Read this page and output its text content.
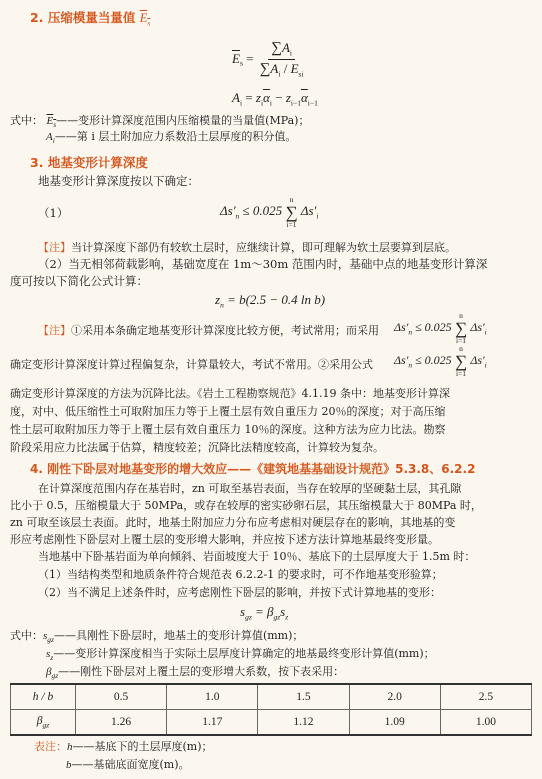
2. 压缩模量当量值 $E_s$
$\overline{E}_s = \frac{\sum A_i}{\sum A_i / E_{si}}$
$A_i = z_i\overline{\alpha}_i - z_{i-1}\overline{\alpha}_{i-1}$
式中： $E_s——$变形计算深度范围内压缩模量的当量值(MPa)；
$A_i——$第 i 层土附加应力系数沿土层厚度的积分值。
3. 地基变形计算深度
地基变形计算深度按以下确定：
（1）	$\Delta s'_n \le 0.025$
n
∑
i=1
$\Delta s'_i$
【注】当计算深度下部仍有较软土层时，应继续计算，即可理解为软土层要算到层底。
（2）当无相邻荷载影响，基础宽度在 1m～30m 范围内时，基础中点的地基变形计算深
度可按以下简化公式计算：
$z_n = b(2.5 - 0.4$ ln b)
【注】①采用本条确定地基变形计算深度比较方便，考试常用；而采用 $\Delta s'_n \le 0.025$
n
∑
i=1
$\Delta s'_i$
确定变形计算深度计算过程偏复杂，计算量较大，考试不常用。②采用公式 $\Delta s'_n \le 0.025$
n
∑
i=1
$\Delta s'_i$
确定变形计算深度的方法为沉降比法。《岩土工程勘察规范》4.1.19 条中：地基变形计算深
度，对中、低压缩性土可取附加压力等于上覆土层有效自重压力 20％的深度；对于高压缩
性土层可取附加压力等于上覆土层有效自重压力 10％的深度。这种方法为应力比法。勘察
阶段采用应力比法属于估算，精度较差；沉降比法精度较高，计算较为复杂。
4. 刚性下卧层对地基变形的增大效应——《建筑地基基础设计规范》5.3.8、6.2.2
在计算深度范围内存在基岩时，zn 可取至基岩表面，当存在较厚的坚硬黏土层，其孔隙
比小于 0.5，压缩模量大于 50MPa，或存在较厚的密实砂卵石层，其压缩模量大于 80MPa 时，
zn 可取至该层土表面。此时，地基土附加应力分布应考虑相对硬层存在的影响，其地基的变
形应考虑刚性下卧层对上覆土层的变形增大影响，并应按下述方法计算地基最终变形量。
当地基中下卧基岩面为单向倾斜、岩面坡度大于 10％、基底下的土层厚度大于 1.5m 时：
（1）当结构类型和地质条件符合规范表 6.2.2-1 的要求时，可不作地基变形验算；
（2）当不满足上述条件时，应考虑刚性下卧层的影响，并按下式计算地基的变形：
$s_{gz} = \beta_{gz}s_z$
式中：$s_{gz}——$具刚性下卧层时，地基土的变形计算值(mm)；
$s_z——$变形计算深度相当于实际土层厚度计算确定的地基最终变形计算值(mm)；
$\beta_{gz}——$刚性下卧层对上覆土层的变形增大系数，按下表采用：
h / b	0.5	1.0	1.5	2.0	2.5
$\beta_{gz}$	1.26	1.17	1.12	1.09	1.00
表注：h——基底下的土层厚度(m)；
b——基础底面宽度(m)。
